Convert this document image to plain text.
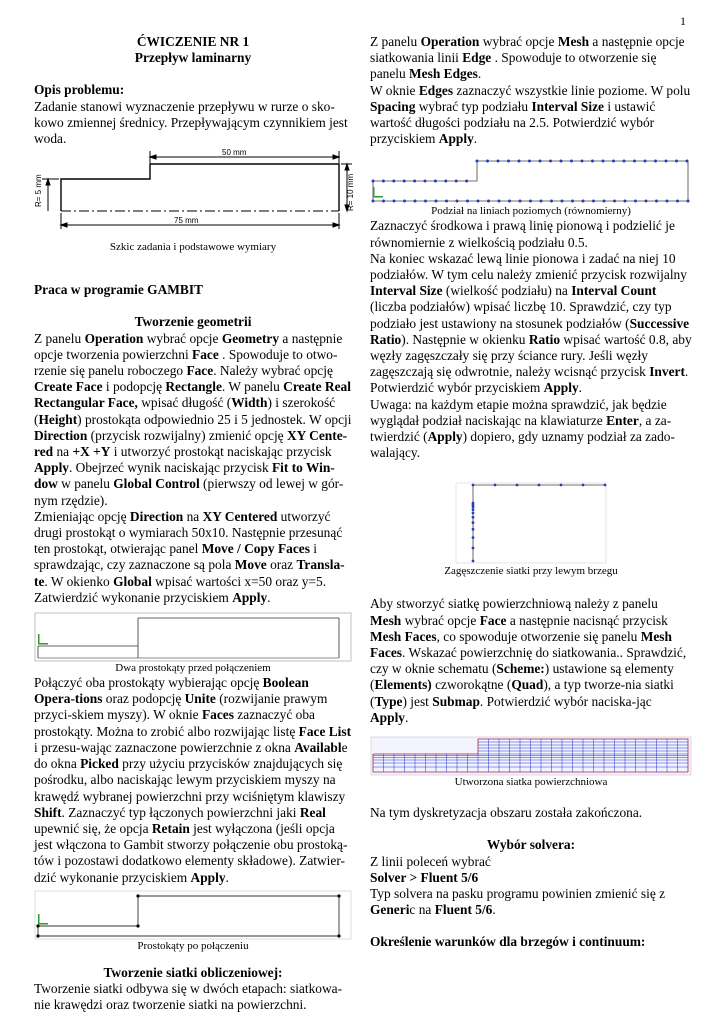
1

ĆWICZENIE NR 1

Przepływ laminarny

Opis problemu:

Zadanie stanowi wyznaczenie przepływu w rurze o sko-kowo zmiennej średnicy. Przepływającym czynnikiem jest woda.

50 mm
75 mm
R= 5 mm	R= 10 mm

Szkic zadania i podstawowe wymiary

Praca w programie GAMBIT

Tworzenie geometrii

Z panelu Operation wybrać opcje Geometry a następnie opcje tworzenia powierzchni Face . Spowoduje to otwo-rzenie się panelu roboczego Face. Należy wybrać opcję Create Face i podopcję Rectangle. W panelu Create Real Rectangular Face, wpisać długość (Width) i szerokość (Height) prostokąta odpowiednio 25 i 5 jednostek. W opcji Direction (przycisk rozwijalny) zmienić opcję XY Cente-red na +X +Y i utworzyć prostokąt naciskając przycisk Apply. Obejrzeć wynik naciskając przycisk Fit to Win-dow w panelu Global Control (pierwszy od lewej w gór-nym rzędzie).

Zmieniając opcję Direction na XY Centered utworzyć drugi prostokąt o wymiarach 50x10. Następnie przesunąć ten prostokąt, otwierając panel Move / Copy Faces i sprawdzając, czy zaznaczone są pola Move oraz Transla-te. W okienko Global wpisać wartości x=50 oraz y=5. Zatwierdzić wykonanie przyciskiem Apply.

Dwa prostokąty przed połączeniem

Połączyć oba prostokąty wybierając opcję Boolean Opera-tions oraz podopcję Unite (rozwijanie prawym przyci-skiem myszy). W oknie Faces zaznaczyć oba prostokąty. Można to zrobić albo rozwijając listę Face List i przesu-wając zaznaczone powierzchnie z okna Available do okna Picked przy użyciu przycisków znajdujących się pośrodku, albo naciskając lewym przyciskiem myszy na krawędź wybranej powierzchni przy wciśniętym klawiszy Shift. Zaznaczyć typ łączonych powierzchni jaki Real upewnić się, że opcja Retain jest wyłączona (jeśli opcja jest włączona to Gambit stworzy połączenie obu prostoką-tów i pozostawi dodatkowo elementy składowe). Zatwier-dzić wykonanie przyciskiem Apply.

Prostokąty po połączeniu

Tworzenie siatki obliczeniowej:

Tworzenie siatki odbywa się w dwóch etapach: siatkowa-nie krawędzi oraz tworzenie siatki na powierzchni.

Z panelu Operation wybrać opcje Mesh a następnie opcje siatkowania linii Edge . Spowoduje to otworzenie się panelu Mesh Edges.
W oknie Edges zaznaczyć wszystkie linie poziome. W polu Spacing wybrać typ podziału Interval Size i ustawić wartość długości podziału na 2.5. Potwierdzić wybór przyciskiem Apply.

Podział na liniach poziomych (równomierny)

Zaznaczyć środkowa i prawą linię pionową i podzielić je równomiernie z wielkością podziału 0.5.
Na koniec wskazać lewą linie pionowa i zadać na niej 10 podziałów. W tym celu należy zmienić przycisk rozwijalny Interval Size (wielkość podziału) na Interval Count (liczba podziałów) wpisać liczbę 10. Sprawdzić, czy typ podziało jest ustawiony na stosunek podziałów (Successive Ratio). Następnie w okienku Ratio wpisać wartość 0.8, aby węzły zagęszczały się przy ściance rury. Jeśli węzły zagęszczają się odwrotnie, należy wcisnąć przycisk Invert. Potwierdzić wybór przyciskiem Apply.
Uwaga: na każdym etapie można sprawdzić, jak będzie wyglądał podział naciskając na klawiaturze Enter, a za-twierdzić (Apply) dopiero, gdy uznamy podział za zado-walający.

Zagęszczenie siatki przy lewym brzegu

Aby stworzyć siatkę powierzchniową należy z panelu Mesh wybrać opcje Face a następnie nacisnąć przycisk Mesh Faces, co spowoduje otworzenie się panelu Mesh Faces. Wskazać powierzchnię do siatkowania.. Sprawdzić, czy w oknie schematu (Scheme:) ustawione są elementy (Elements) czworokątne (Quad), a typ tworze-nia siatki (Type) jest Submap. Potwierdzić wybór naciska-jąc Apply.

Utworzona siatka powierzchniowa

Na tym dyskretyzacja obszaru została zakończona.

Wybór solvera:

Z linii poleceń wybrać
Solver > Fluent 5/6
Typ solvera na pasku programu powinien zmienić się z Generic na Fluent 5/6.

Określenie warunków dla brzegów i continuum:
